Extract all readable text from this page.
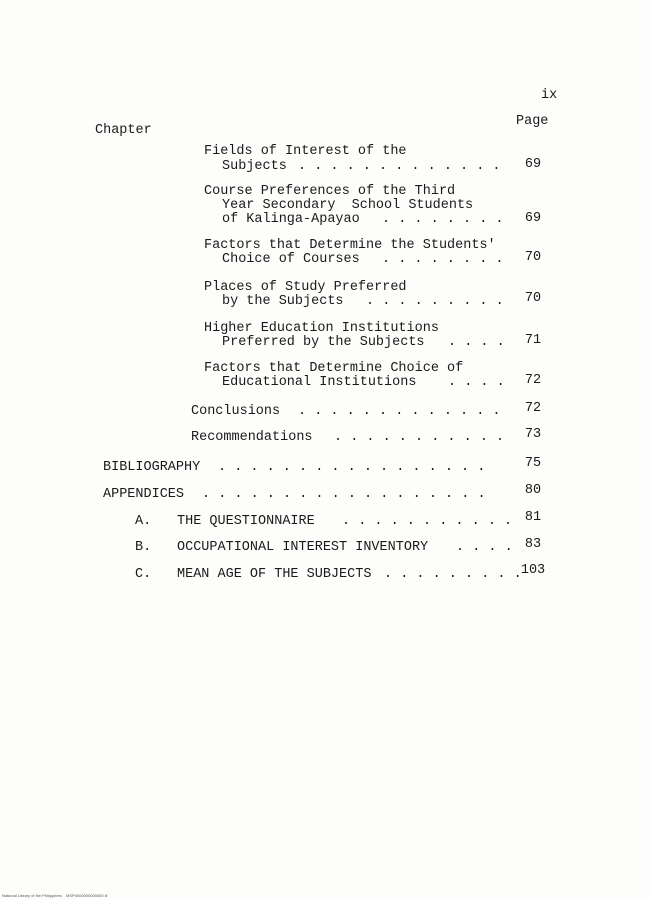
ix
Chapter
Page
Fields of Interest of the
Subjects . . . . . . . . . . . . .	69
Course Preferences of the Third
Year Secondary  School Students
of Kalinga-Apayao . . . . . . . .	69
Factors that Determine the Students'
Choice of Courses . . . . . . . .	70
Places of Study Preferred
by the Subjects . . . . . . . . .	70
Higher Education Institutions
Preferred by the Subjects . . . .	71
Factors that Determine Choice of
Educational Institutions . . . .	72
Conclusions . . . . . . . . . . . . .	72
Recommendations . . . . . . . . . . .	73
BIBLIOGRAPHY . . . . . . . . . . . . . . . . .	75
APPENDICES . . . . . . . . . . . . . . . . . .	80
A. THE QUESTIONNAIRE . . . . . . . . . . . 81
B. OCCUPATIONAL INTEREST INVENTORY . . . . 83
C. MEAN AGE OF THE SUBJECTS . . . . . . . . . 103
National Library of the Philippines    MSP0000000000000 iii
